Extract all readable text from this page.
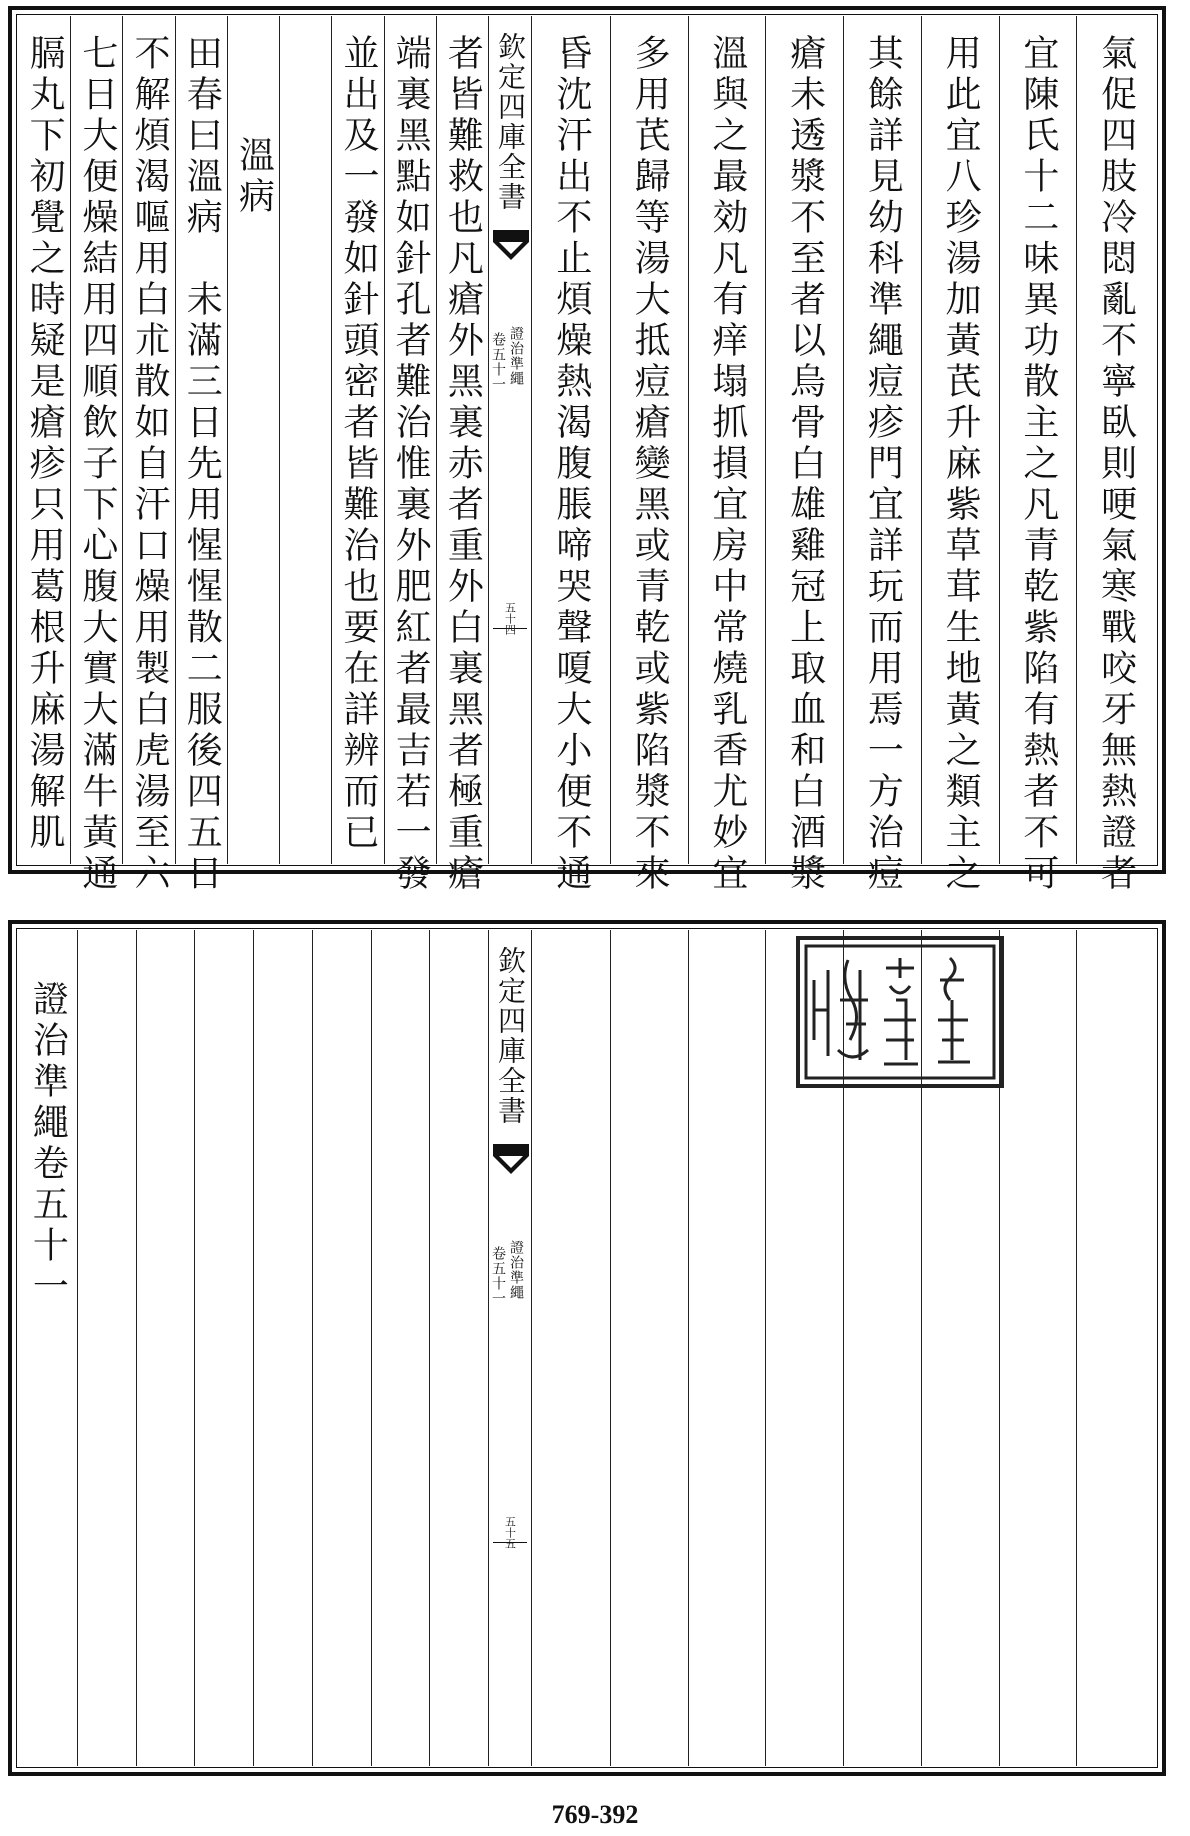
膈丸下初覺之時疑是瘡疹只用葛根升麻湯解肌 七日大便燥結用四順飲子下心腹大實大滿牛黃通 不解煩渴嘔用白朮散如自汗口燥用製白虎湯至六 田春曰溫病　未滿三日先用惺惺散二服後四五日 溫病 並出及一發如針頭密者皆難治也要在詳辨而已 端裏黑點如針孔者難治惟裏外肥紅者最吉若一發 者皆難救也凡瘡外黑裏赤者重外白裏黑者極重瘡 昏沈汗出不止煩燥熱渴腹脹啼哭聲嗄大小便不通 多用芪歸等湯大抵痘瘡變黑或青乾或紫陷漿不來 溫與之最効凡有痒塌抓損宜房中常燒乳香尤妙宜 瘡未透漿不至者以烏骨白雄雞冠上取血和白酒漿 其餘詳見幼科準繩痘疹門宜詳玩而用焉一方治痘 用此宜八珍湯加黃芪升麻紫草茸生地黃之類主之 宜陳氏十二味異功散主之凡青乾紫陷有熱者不可 氣促四肢冷悶亂不寧臥則哽氣寒戰咬牙無熱證者
欽定四庫全書
證治準繩
卷五十一
五十四
證治準繩卷五十一	欽定四庫全書
證治準繩
卷五十一
五十五
769-392
